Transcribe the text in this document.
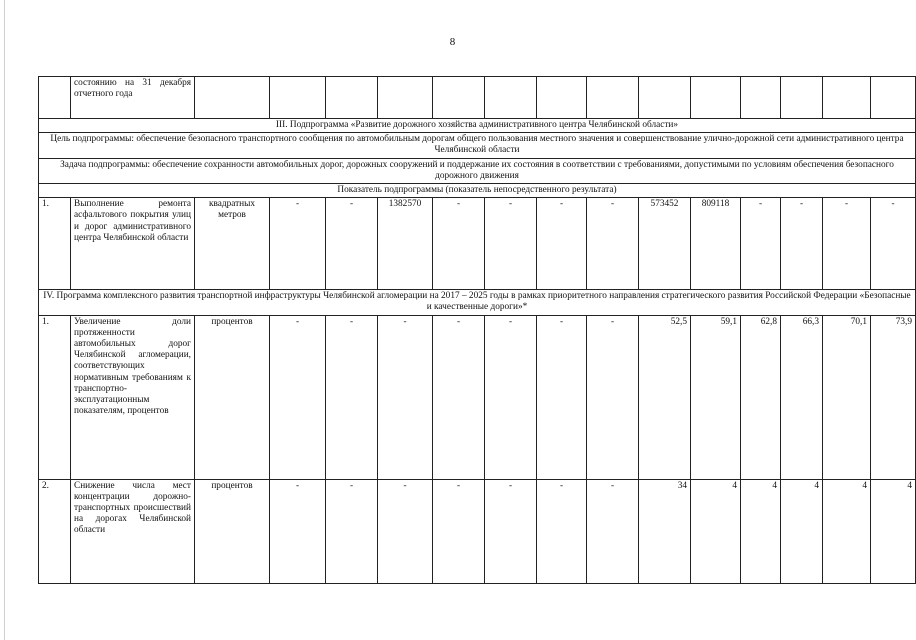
8
	состоянию на 31 декабря отчетного года														
III. Подпрограмма «Развитие дорожного хозяйства административного центра Челябинской области»															
Цель подпрограммы: обеспечение безопасного транспортного сообщения по автомобильным дорогам общего пользования местного значения и совершенствование улично-дорожной сети административного центра Челябинской области															
Задача подпрограммы: обеспечение сохранности автомобильных дорог, дорожных сооружений и поддержание их состояния в соответствии с требованиями, допустимыми по условиям обеспечения безопасного дорожного движения															
Показатель подпрограммы (показатель непосредственного результата)															
1.	Выполнение ремонта асфальтового покрытия улиц и дорог административного центра Челябинской области	квадратных метров	-	-	1382570	-	-	-	-	573452	809118	-	-	-	-
IV. Программа комплексного развития транспортной инфраструктуры Челябинской агломерации на 2017 – 2025 годы в рамках приоритетного направления стратегического развития Российской Федерации «Безопасные и качественные дороги»*															
1.	Увеличение доли протяженности автомобильных дорог Челябинской агломерации, соответствующих нормативным требованиям к транспортно-эксплуатационным показателям, процентов	процентов	-	-	-	-	-	-	-	52,5	59,1	62,8	66,3	70,1	73,9
2.	Снижение числа мест концентрации дорожно-транспортных происшествий на дорогах Челябинской области	процентов	-	-	-	-	-	-	-	34	4	4	4	4	4
